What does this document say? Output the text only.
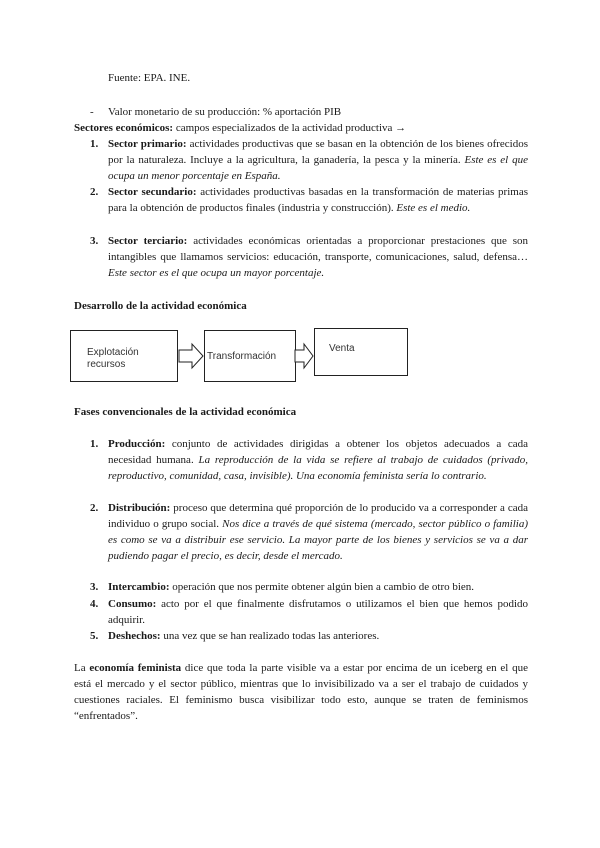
Fuente: EPA. INE.
- Valor monetario de su producción: % aportación PIB
Sectores económicos: campos especializados de la actividad productiva →
1. Sector primario: actividades productivas que se basan en la obtención de los bienes ofrecidos por la naturaleza. Incluye a la agricultura, la ganadería, la pesca y la minería. Este es el que ocupa un menor porcentaje en España.
2. Sector secundario: actividades productivas basadas en la transformación de materias primas para la obtención de productos finales (industria y construcción). Este es el medio.
3. Sector terciario: actividades económicas orientadas a proporcionar prestaciones que son intangibles que llamamos servicios: educación, transporte, comunicaciones, salud, defensa… Este sector es el que ocupa un mayor porcentaje.
Desarrollo de la actividad económica
Explotación recursos
Transformación
Venta
Fases convencionales de la actividad económica
1. Producción: conjunto de actividades dirigidas a obtener los objetos adecuados a cada necesidad humana. La reproducción de la vida se refiere al trabajo de cuidados (privado, reproductivo, comunidad, casa, invisible). Una economía feminista sería lo contrario.
2. Distribución: proceso que determina qué proporción de lo producido va a corresponder a cada individuo o grupo social. Nos dice a través de qué sistema (mercado, sector público o familia) es como se va a distribuir ese servicio. La mayor parte de los bienes y servicios se va a dar pudiendo pagar el precio, es decir, desde el mercado.
3. Intercambio: operación que nos permite obtener algún bien a cambio de otro bien.
4. Consumo: acto por el que finalmente disfrutamos o utilizamos el bien que hemos podido adquirir.
5. Deshechos: una vez que se han realizado todas las anteriores.
La economía feminista dice que toda la parte visible va a estar por encima de un iceberg en el que está el mercado y el sector público, mientras que lo invisibilizado va a ser el trabajo de cuidados y cuestiones raciales. El feminismo busca visibilizar todo esto, aunque se traten de feminismos “enfrentados”.
